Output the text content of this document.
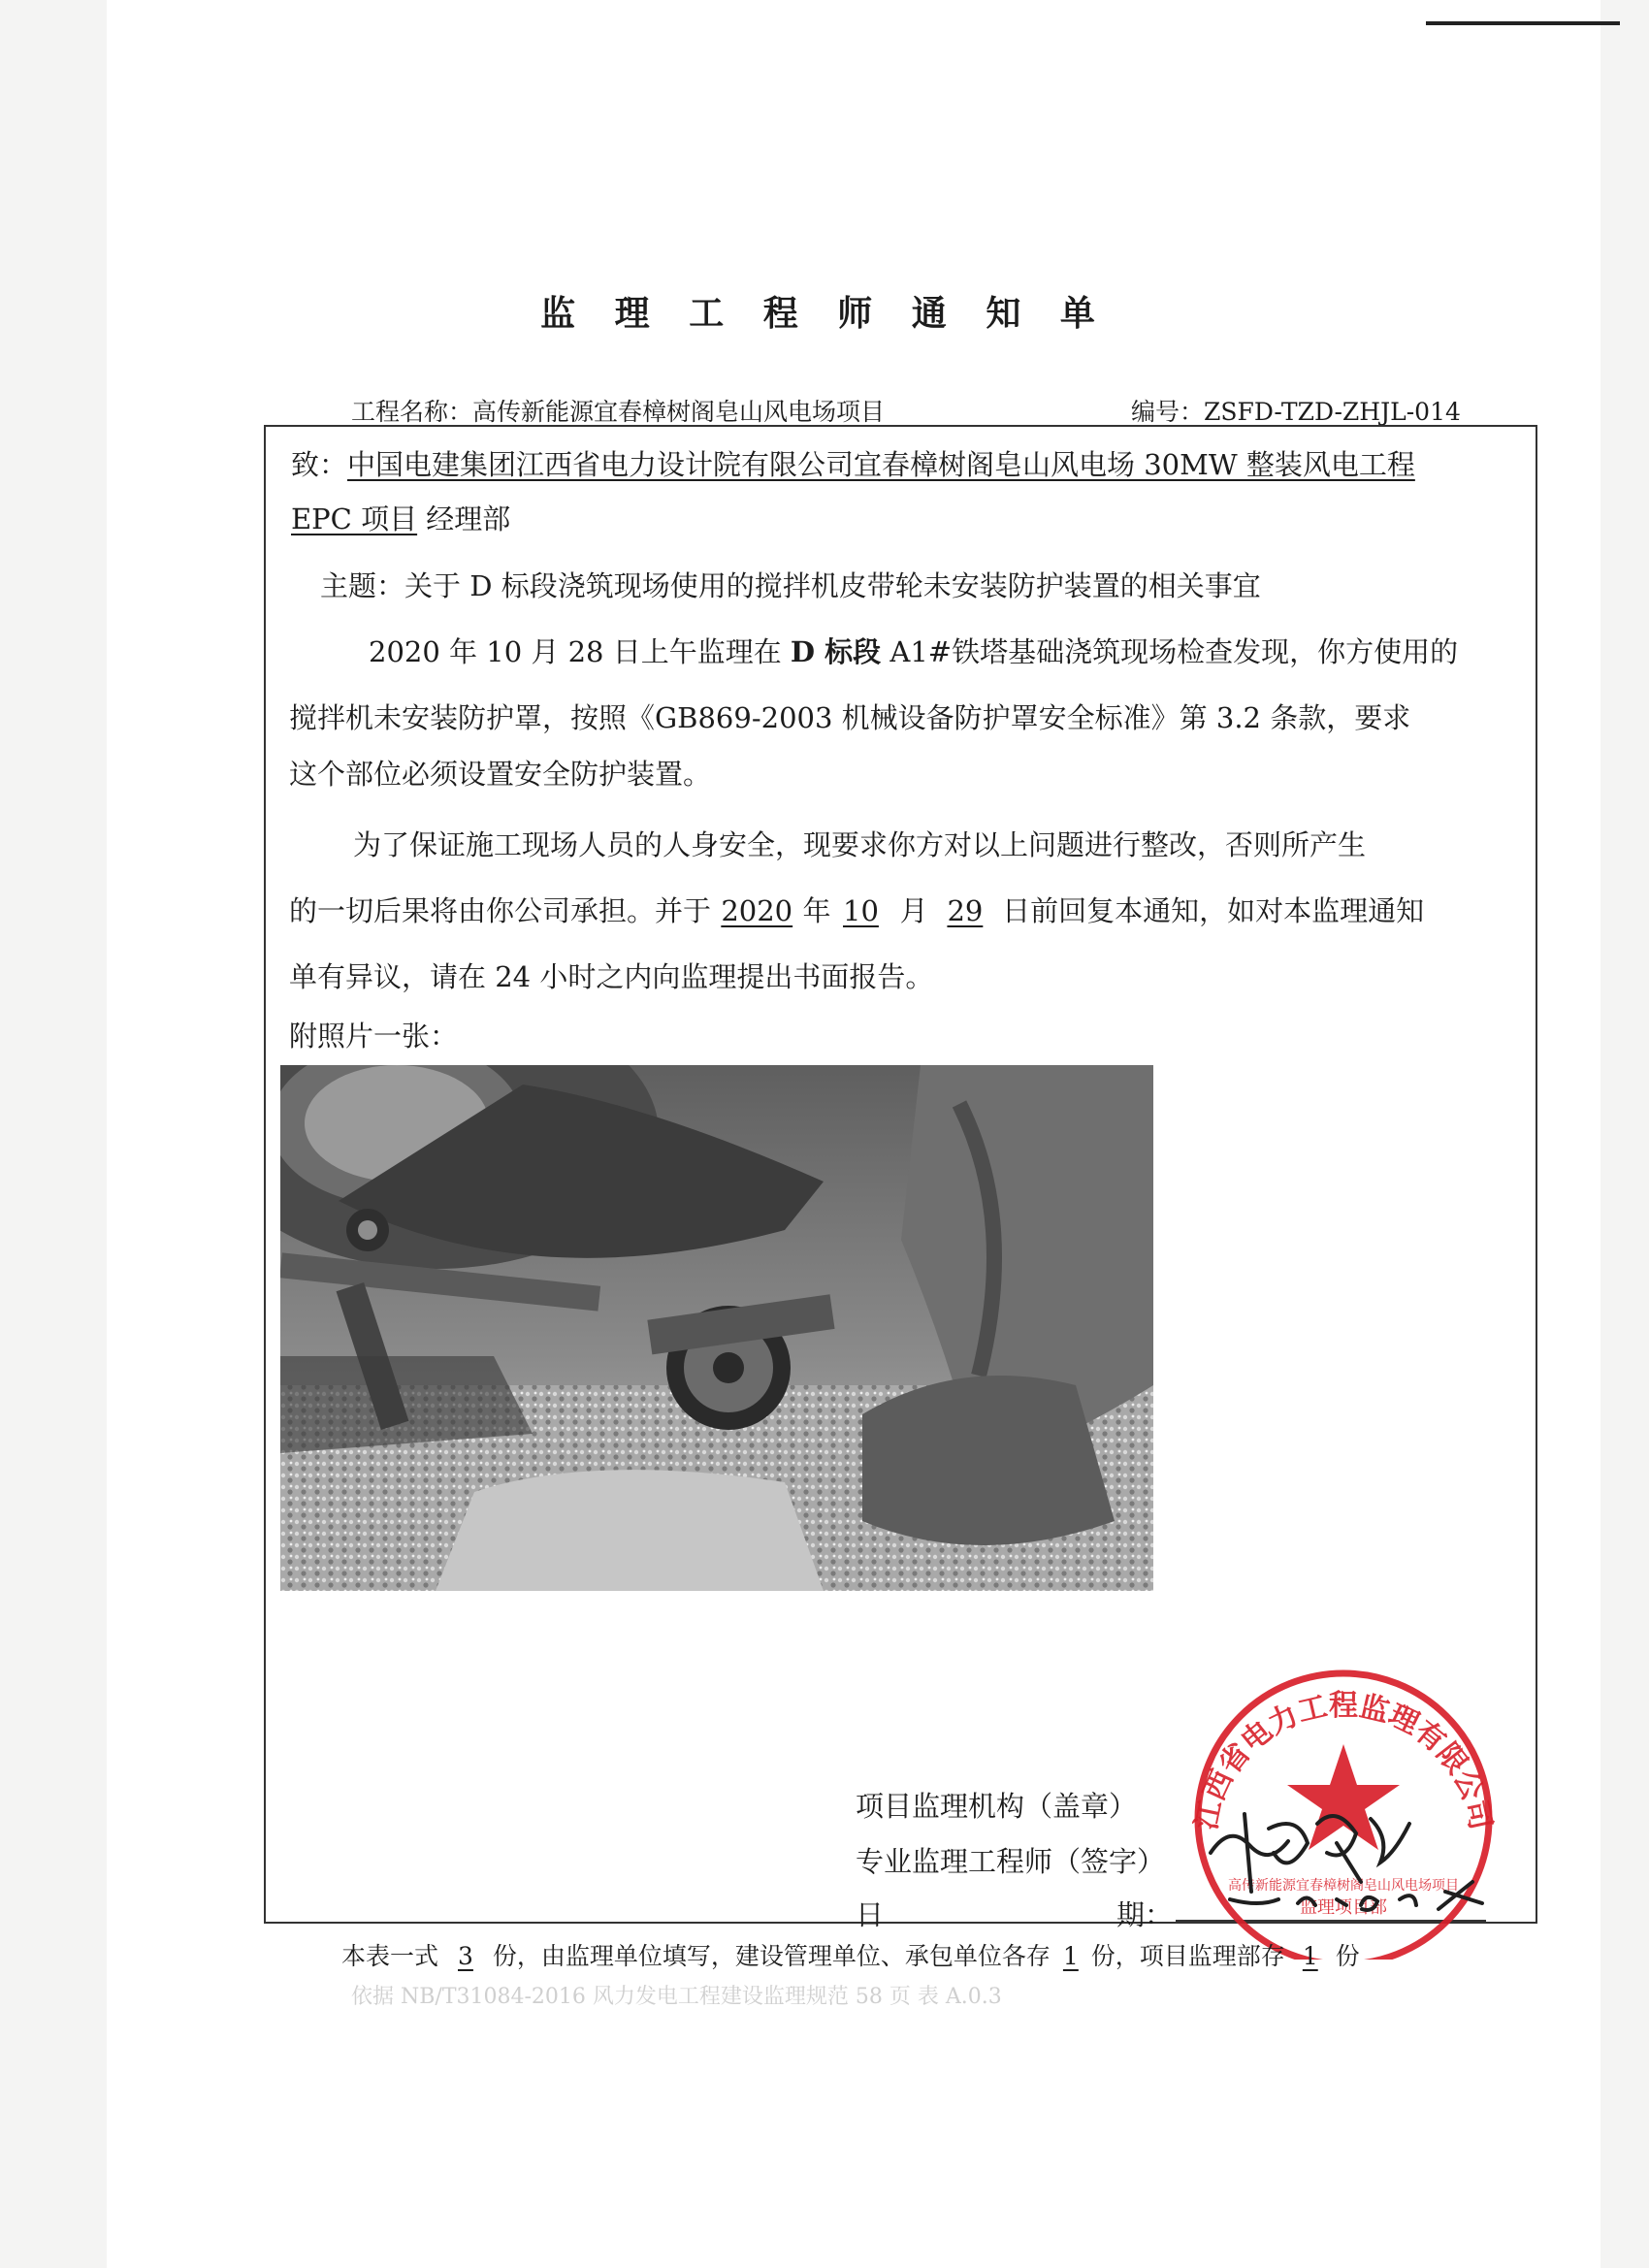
监 理 工 程 师 通 知 单
工程名称：高传新能源宜春樟树阁皂山风电场项目	编号：ZSFD-TZD-ZHJL-014
致：中国电建集团江西省电力设计院有限公司宜春樟树阁皂山风电场 30MW 整装风电工程
EPC 项目 经理部
主题：关于 D 标段浇筑现场使用的搅拌机皮带轮未安装防护装置的相关事宜
2020 年 10 月 28 日上午监理在 D 标段 A1#铁塔基础浇筑现场检查发现，你方使用的
搅拌机未安装防护罩，按照《GB869-2003 机械设备防护罩安全标准》第 3.2 条款，要求
这个部位必须设置安全防护装置。
为了保证施工现场人员的人身安全，现要求你方对以上问题进行整改，否则所产生
的一切后果将由你公司承担。并于 2020 年 10 月 29 日前回复本通知，如对本监理通知
单有异议，请在 24 小时之内向监理提出书面报告。
附照片一张：
项目监理机构（盖章）
专业监理工程师（签字）
日	期：
江西省电力工程监理有限公司
高传新能源宜春樟树阁皂山风电场项目
监理项目部
2020.10.28
本表一式 3 份，由监理单位填写，建设管理单位、承包单位各存 1 份，项目监理部存 1 份
依据 NB/T31084-2016 风力发电工程建设监理规范 58 页 表 A.0.3
